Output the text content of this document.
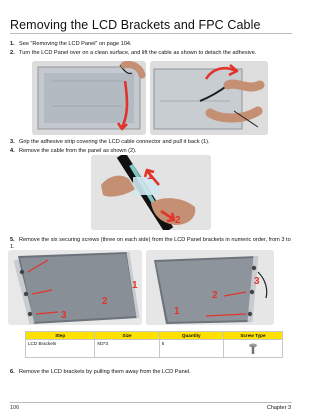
Removing the LCD Brackets and FPC Cable
1. See “Removing the LCD Panel” on page 104.
2. Turn the LCD Panel over on a clean surface, and lift the cable as shown to detach the adhesive.
3. Grip the adhesive strip covering the LCD cable connector and pull it back (1).
4. Remove the cable from the panel as shown (2).
1
2
5. Remove the six securing screws (three on each side) from the LCD Panel brackets in numeric order, from 3 to 1.
1
2
3	1
2
3
Step	Size	Quantity	Screw Type
LCD Brackets	M2*3	6	
6. Remove the LCD brackets by pulling them away from the LCD Panel.
106	Chapter 3
